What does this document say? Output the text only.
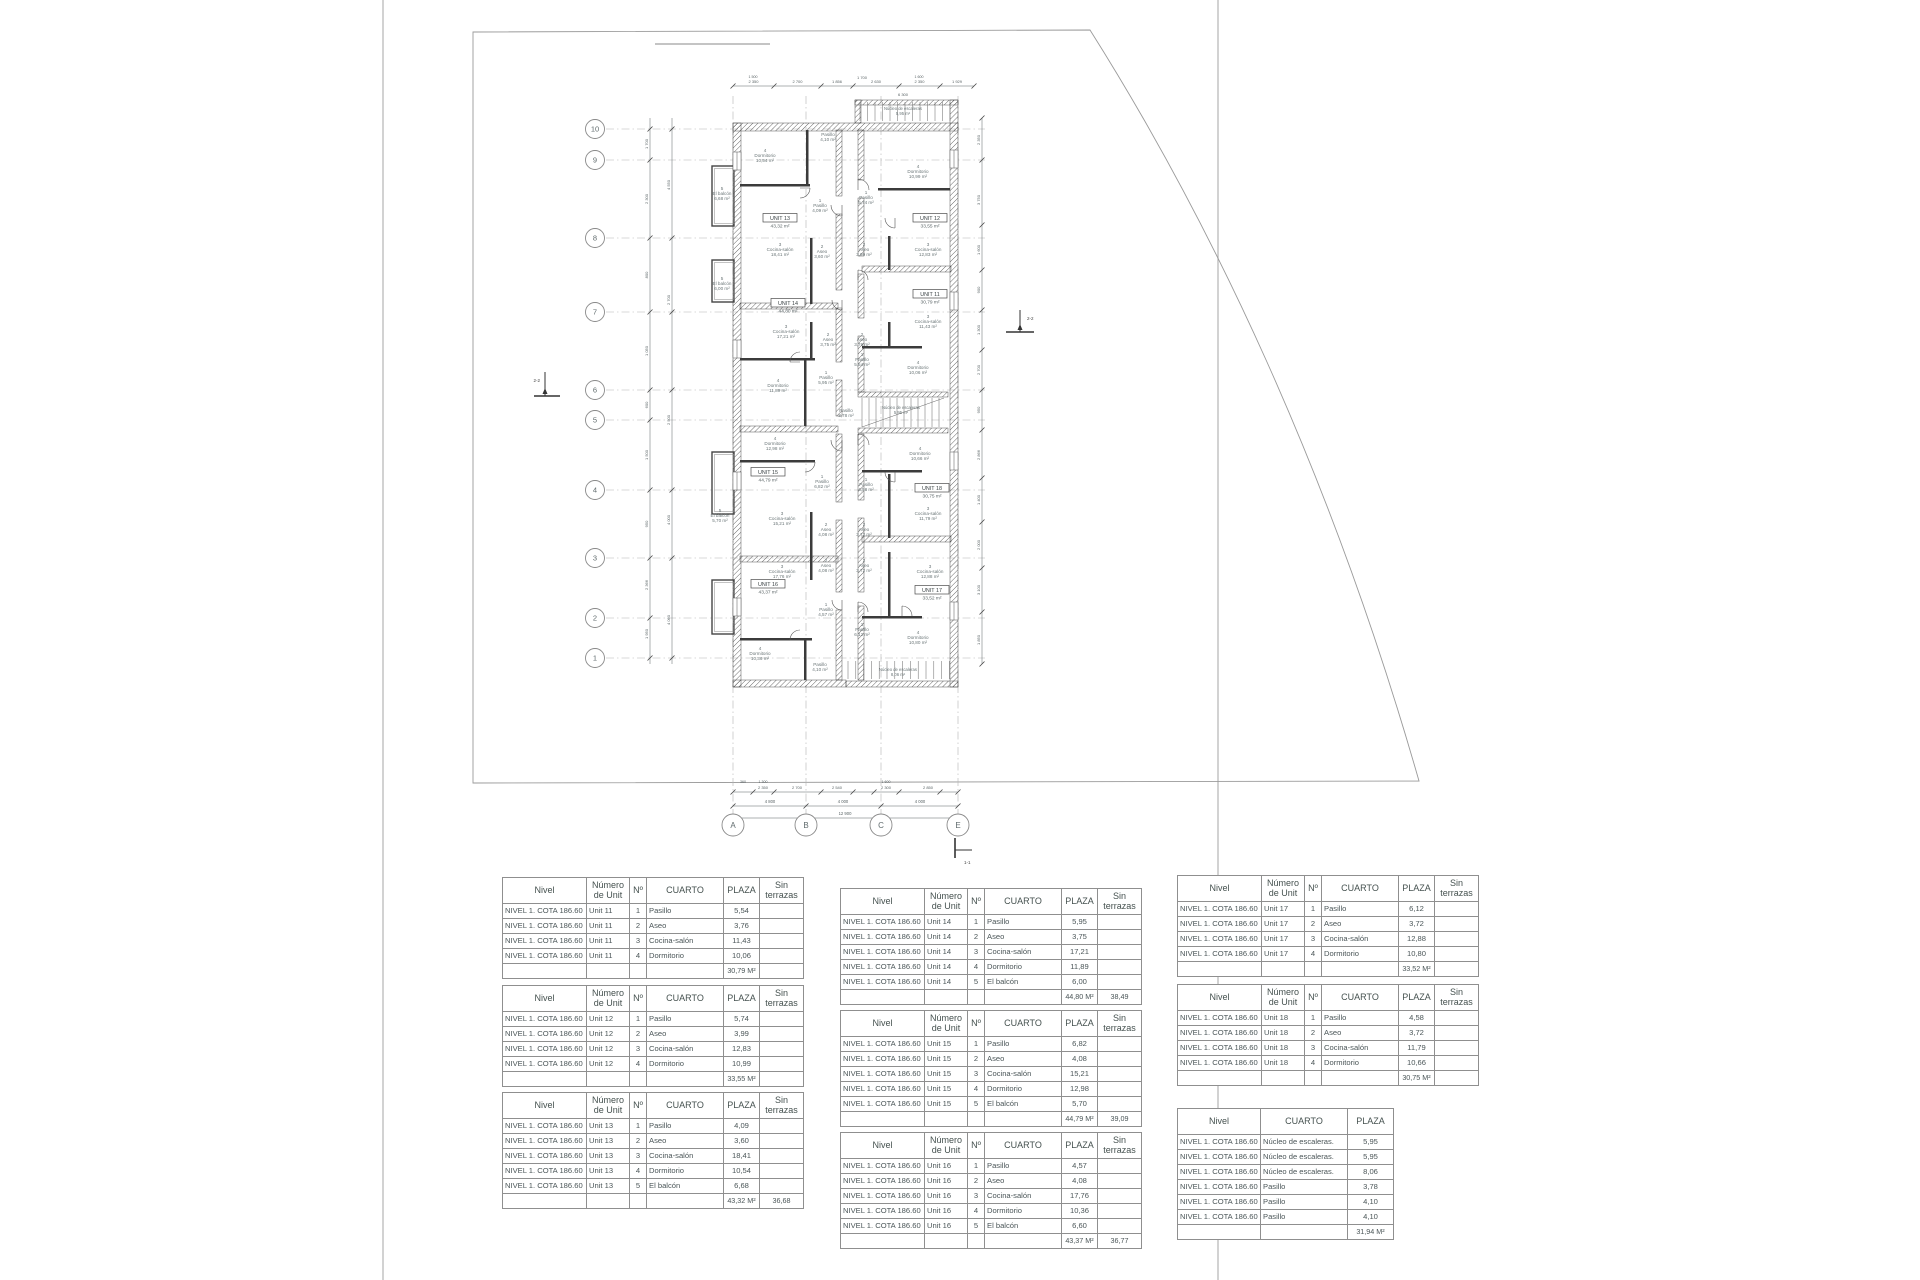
2-2
2-2
1-1
1 700
2 300
800
1 050
600
1 500
950
2 366
1 950
4 550
2 700
2 500
4 000
4 060
2 350
3 750
1 600
900
1 300
2 700
950
2 866
1 400
2 000
3 100
1 850
2 350	2 700	1 856	2 630	2 350	1 929
1 500	1 600
6 300
1 700
2 350	2 700	2 540	2 300	2 850
360	1 300	1 600
4 800	4 000	4 000
12 900
4 Dormitorio 10,54 m²
Pasillo 4,10 m²
4 Dormitorio 10,99 m²
1 Pasillo 5,74 m²
1 Pasillo 4,09 m²
3 Cocina-salón 18,41 m²
2 Aseo 3,60 m²
2 Aseo 3,99 m²
3 Cocina-salón 12,83 m²
5 El balcón 6,68 m²
5 El balcón 6,00 m²
3 Cocina-salón 17,21 m²	2 Aseo 3,75 m²
2 Aseo 3,76 m²
3 Cocina-salón 11,43 m²
1 Pasillo 5,54 m²	4 Dormitorio 10,06 m²
1 Pasillo 5,95 m²
4 Dormitorio 11,89 m²
Pasillo 3,78 m²
4 Dormitorio 12,98 m²	4 Dormitorio 10,66 m²
1 Pasillo 6,82 m²
1 Pasillo 4,58 m²
3 Cocina-salón 15,21 m²
3 Cocina-salón 11,79 m²
2 Aseo 4,08 m²
2 Aseo 3,72 m²
5 El balcón 5,70 m²
3 Cocina-salón 17,76 m²
2 Aseo 4,08 m²
2 Aseo 3,72 m²
3 Cocina-salón 12,88 m²
1 Pasillo 4,57 m²
1 Pasillo 6,12 m²	4 Dormitorio 10,80 m²
4 Dormitorio 10,36 m²
Pasillo 4,10 m²
UNIT 13
43,32 m²
UNIT 12
33,55 m²
UNIT 14
44,80 m²
UNIT 11
30,79 m²
UNIT 15
44,79 m²
UNIT 18
30,75 m²
UNIT 16
43,37 m²	UNIT 17
33,52 m²
Núcleo de escaleras
5,95 m²
Núcleo de escaleras
5,95 m²
Núcleo de escaleras
8,06 m²
10
9
8
7
6
5
4
3
2
1
A	B	C	E
Nivel	Número de Unit	Nº	CUARTO	PLAZA	Sin terrazas
NIVEL 1. COTA 186.60	Unit 11	1	Pasillo	5,54	
NIVEL 1. COTA 186.60	Unit 11	2	Aseo	3,76	
NIVEL 1. COTA 186.60	Unit 11	3	Cocina-salón	11,43	
NIVEL 1. COTA 186.60	Unit 11	4	Dormitorio	10,06	
				30,79 M²	
Nivel	Número de Unit	Nº	CUARTO	PLAZA	Sin terrazas
NIVEL 1. COTA 186.60	Unit 12	1	Pasillo	5,74	
NIVEL 1. COTA 186.60	Unit 12	2	Aseo	3,99	
NIVEL 1. COTA 186.60	Unit 12	3	Cocina-salón	12,83	
NIVEL 1. COTA 186.60	Unit 12	4	Dormitorio	10,99	
				33,55 M²	
Nivel	Número de Unit	Nº	CUARTO	PLAZA	Sin terrazas
NIVEL 1. COTA 186.60	Unit 13	1	Pasillo	4,09	
NIVEL 1. COTA 186.60	Unit 13	2	Aseo	3,60	
NIVEL 1. COTA 186.60	Unit 13	3	Cocina-salón	18,41	
NIVEL 1. COTA 186.60	Unit 13	4	Dormitorio	10,54	
NIVEL 1. COTA 186.60	Unit 13	5	El balcón	6,68	
				43,32 M²	36,68
Nivel	Número de Unit	Nº	CUARTO	PLAZA	Sin terrazas
NIVEL 1. COTA 186.60	Unit 14	1	Pasillo	5,95	
NIVEL 1. COTA 186.60	Unit 14	2	Aseo	3,75	
NIVEL 1. COTA 186.60	Unit 14	3	Cocina-salón	17,21	
NIVEL 1. COTA 186.60	Unit 14	4	Dormitorio	11,89	
NIVEL 1. COTA 186.60	Unit 14	5	El balcón	6,00	
				44,80 M²	38,49
Nivel	Número de Unit	Nº	CUARTO	PLAZA	Sin terrazas
NIVEL 1. COTA 186.60	Unit 15	1	Pasillo	6,82	
NIVEL 1. COTA 186.60	Unit 15	2	Aseo	4,08	
NIVEL 1. COTA 186.60	Unit 15	3	Cocina-salón	15,21	
NIVEL 1. COTA 186.60	Unit 15	4	Dormitorio	12,98	
NIVEL 1. COTA 186.60	Unit 15	5	El balcón	5,70	
				44,79 M²	39,09
Nivel	Número de Unit	Nº	CUARTO	PLAZA	Sin terrazas
NIVEL 1. COTA 186.60	Unit 16	1	Pasillo	4,57	
NIVEL 1. COTA 186.60	Unit 16	2	Aseo	4,08	
NIVEL 1. COTA 186.60	Unit 16	3	Cocina-salón	17,76	
NIVEL 1. COTA 186.60	Unit 16	4	Dormitorio	10,36	
NIVEL 1. COTA 186.60	Unit 16	5	El balcón	6,60	
				43,37 M²	36,77
Nivel	Número de Unit	Nº	CUARTO	PLAZA	Sin terrazas
NIVEL 1. COTA 186.60	Unit 17	1	Pasillo	6,12	
NIVEL 1. COTA 186.60	Unit 17	2	Aseo	3,72	
NIVEL 1. COTA 186.60	Unit 17	3	Cocina-salón	12,88	
NIVEL 1. COTA 186.60	Unit 17	4	Dormitorio	10,80	
				33,52 M²	
Nivel	Número de Unit	Nº	CUARTO	PLAZA	Sin terrazas
NIVEL 1. COTA 186.60	Unit 18	1	Pasillo	4,58	
NIVEL 1. COTA 186.60	Unit 18	2	Aseo	3,72	
NIVEL 1. COTA 186.60	Unit 18	3	Cocina-salón	11,79	
NIVEL 1. COTA 186.60	Unit 18	4	Dormitorio	10,66	
				30,75 M²	
Nivel	CUARTO	PLAZA
NIVEL 1. COTA 186.60	Núcleo de escaleras.	5,95
NIVEL 1. COTA 186.60	Núcleo de escaleras.	5,95
NIVEL 1. COTA 186.60	Núcleo de escaleras.	8,06
NIVEL 1. COTA 186.60	Pasillo	3,78
NIVEL 1. COTA 186.60	Pasillo	4,10
NIVEL 1. COTA 186.60	Pasillo	4,10
		31,94 M²
